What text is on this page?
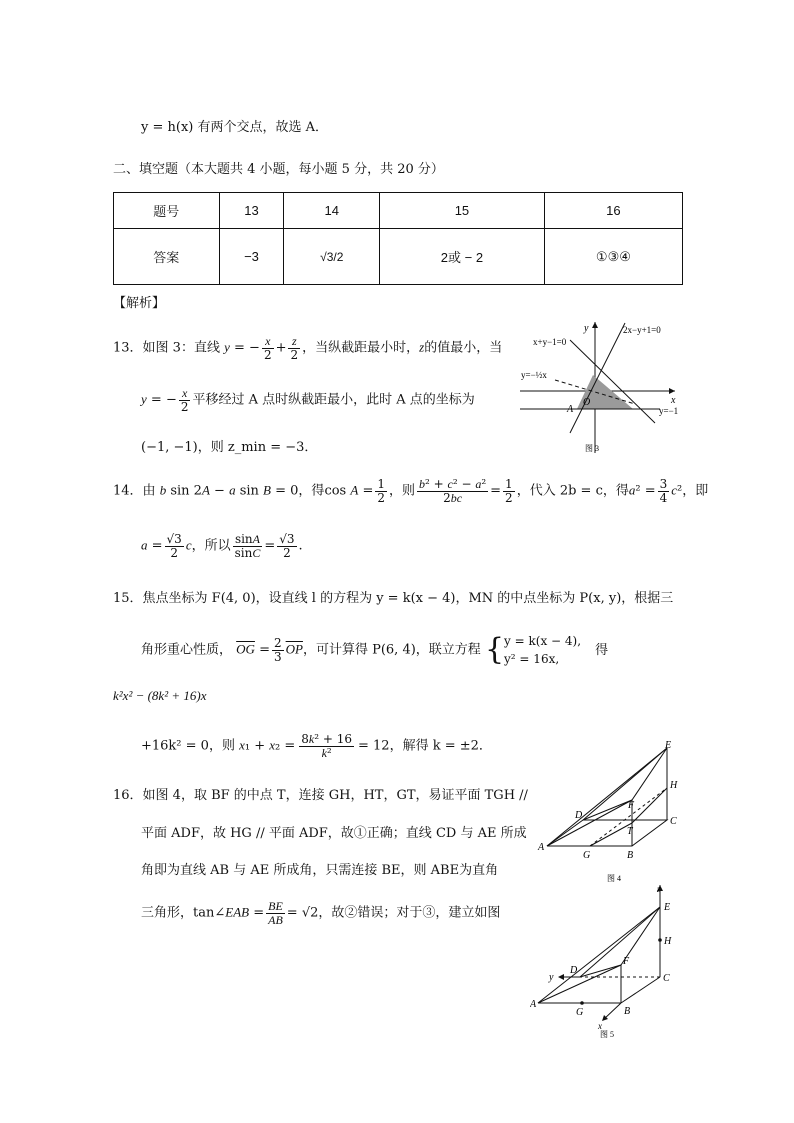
y = h(x) 有两个交点，故选 A．
二、填空题（本大题共 4 小题，每小题 5 分，共 20 分）
题号	13	14	15	16
答案	−3	√3/2	2或 − 2	①③④
【解析】
13．如图 3：直线 y = − $\frac{x}{2} + \frac{z}{2}$ ，当纵截距最小时，z的值最小，当
y = − $\frac{x}{2}$ 平移经过 A 点时纵截距最小，此时 A 点的坐标为
(−1, −1)，则 z_min = −3．
y
x
O
A
x+y−1=0
2x−y+1=0
y=−1
y=−½x
图 3
14．由 b sin 2A − a sin B = 0，得$\cos A = \frac{1}{2}$ ，则 $\frac{\text{b² + c² − a²}}{2bc} = \frac{1}{2}$ ，代入 2b = c，得$a^2 = \frac{3}{4} c^2$，即
$a = \frac{√3}{2}$ c，所以 $\frac{\sin A}{\sin C} = \frac{√3}{2}$ .
15．焦点坐标为 F(4, 0)，设直线 l 的方程为 y = k(x − 4)，MN 的中点坐标为 P(x, y)，根据三
角形重心性质， $\overline{OG} = \frac{2}{3} \overline{OP}$，可计算得 P(6, 4)，联立方程 { y = k(x − 4),
y² = 16x,
得
k²x² − (8k² + 16)x
+16k² = 0，则 $x_1 + x_2 = \frac{\text{8k² + 16}}{\text{k²}} = 12$，解得 k = ±2．
16．如图 4，取 BF 的中点 T，连接 GH，HT，GT，易证平面 TGH //
平面 ADF，故 HG // 平面 ADF，故①正确；直线 CD 与 AE 所成
角即为直线 AB 与 AE 所成角，只需连接 BE，则 ABE为直角
三角形，tan∠EAB = $\frac{BE}{AB} = √2$，故②错误；对于③，建立如图
E
H
D
F
C
T
A
G	B
图 4
z
E
H
y
D
F
C
A
G	B
x
图 5
